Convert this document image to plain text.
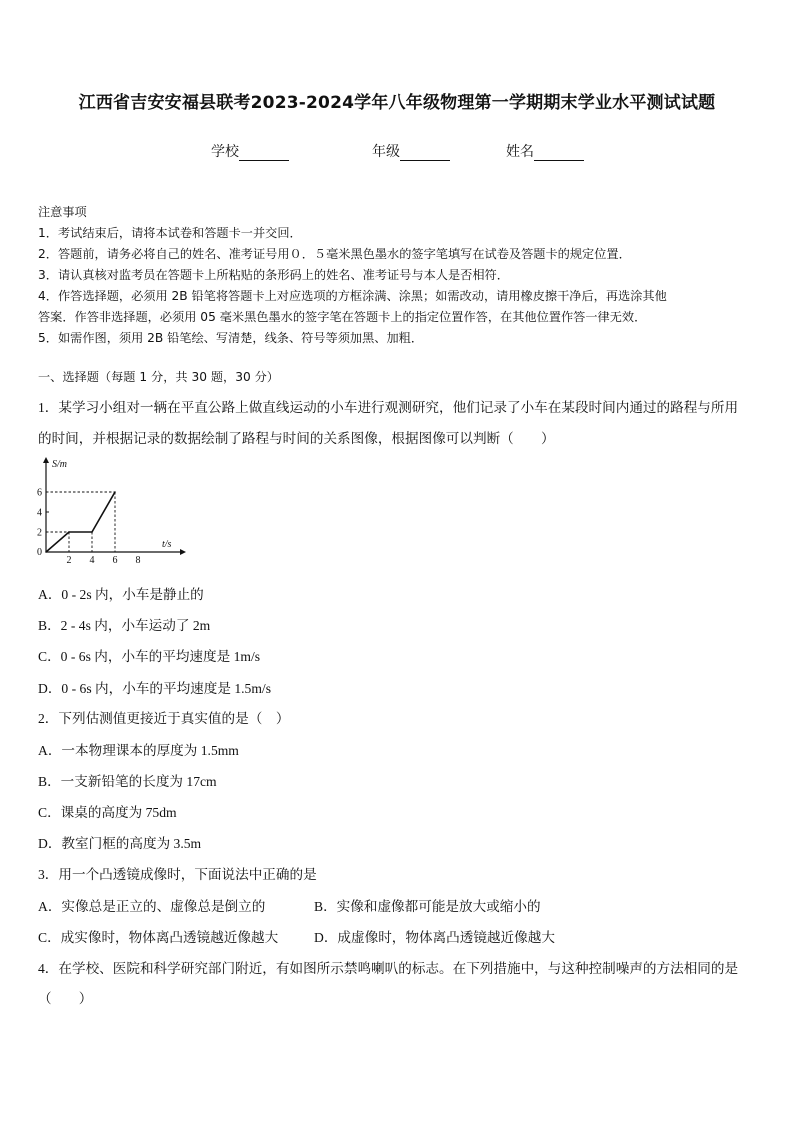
江西省吉安安福县联考2023-2024学年八年级物理第一学期期末学业水平测试试题
学校	年级	姓名
注意事项
1．考试结束后，请将本试卷和答题卡一并交回．
2．答题前，请务必将自己的姓名、准考证号用０．５毫米黑色墨水的签字笔填写在试卷及答题卡的规定位置．
3．请认真核对监考员在答题卡上所粘贴的条形码上的姓名、准考证号与本人是否相符．
4．作答选择题，必须用 2B 铅笔将答题卡上对应选项的方框涂满、涂黑；如需改动，请用橡皮擦干净后，再选涂其他
答案．作答非选择题，必须用 05 毫米黑色墨水的签字笔在答题卡上的指定位置作答，在其他位置作答一律无效．
5．如需作图，须用 2B 铅笔绘、写清楚，线条、符号等须加黑、加粗．
一、选择题（每题 1 分，共 30 题，30 分）
1．某学习小组对一辆在平直公路上做直线运动的小车进行观测研究，他们记录了小车在某段时间内通过的路程与所用
的时间，并根据记录的数据绘制了路程与时间的关系图像，根据图像可以判断（　　）
2 4 6 8
2
4
6
0
S/m
t/s
A．0 - 2s 内，小车是静止的
B．2 - 4s 内，小车运动了 2m
C．0 - 6s 内，小车的平均速度是 1m/s
D．0 - 6s 内，小车的平均速度是 1.5m/s
2．下列估测值更接近于真实值的是（　）
A．一本物理课本的厚度为 1.5mm
B．一支新铅笔的长度为 17cm
C．课桌的高度为 75dm
D．教室门框的高度为 3.5m
3．用一个凸透镜成像时，下面说法中正确的是
A．实像总是正立的、虚像总是倒立的	B．实像和虚像都可能是放大或缩小的
C．成实像时，物体离凸透镜越近像越大	D．成虚像时，物体离凸透镜越近像越大
4．在学校、医院和科学研究部门附近，有如图所示禁鸣喇叭的标志。在下列措施中，与这种控制噪声的方法相同的是
（　　）
